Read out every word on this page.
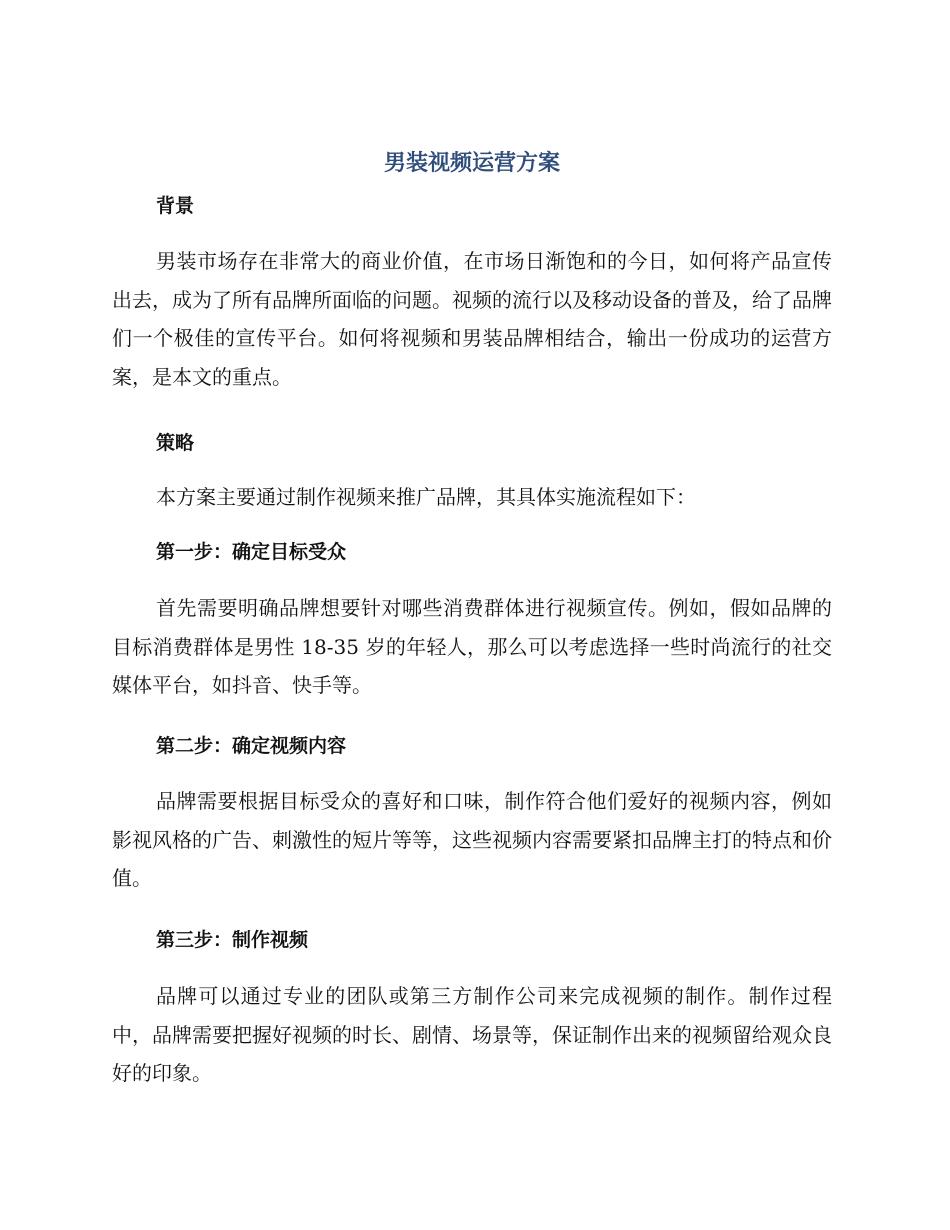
男装视频运营方案
背景

男装市场存在非常大的商业价值，在市场日渐饱和的今日，如何将产品宣传出去，成为了所有品牌所面临的问题。视频的流行以及移动设备的普及，给了品牌们一个极佳的宣传平台。如何将视频和男装品牌相结合，输出一份成功的运营方案，是本文的重点。

策略

本方案主要通过制作视频来推广品牌，其具体实施流程如下：

第一步：确定目标受众

首先需要明确品牌想要针对哪些消费群体进行视频宣传。例如，假如品牌的目标消费群体是男性 18-35 岁的年轻人，那么可以考虑选择一些时尚流行的社交媒体平台，如抖音、快手等。

第二步：确定视频内容

品牌需要根据目标受众的喜好和口味，制作符合他们爱好的视频内容，例如影视风格的广告、刺激性的短片等等，这些视频内容需要紧扣品牌主打的特点和价值。

第三步：制作视频

品牌可以通过专业的团队或第三方制作公司来完成视频的制作。制作过程中，品牌需要把握好视频的时长、剧情、场景等，保证制作出来的视频留给观众良好的印象。
